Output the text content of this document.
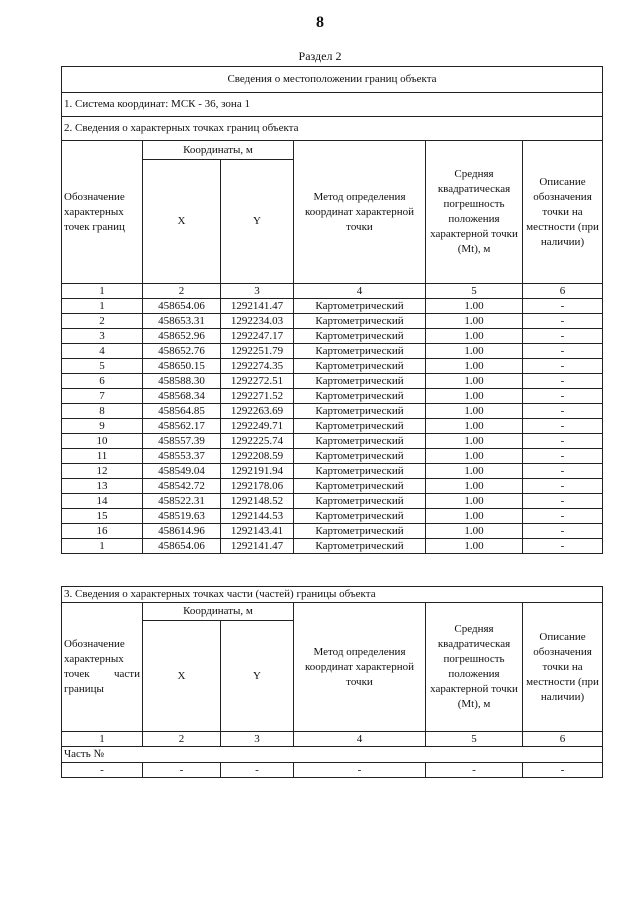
8
Раздел 2
Сведения о местоположении границ объекта					
1. Система координат: МСК - 36, зона 1					
2. Сведения о характерных точках границ объекта					
Обозначение характерных точек границ	Координаты, м		Метод определения координат характерной точки	Средняя квадратическая погрешность положения характерной точки (Mt), м	Описание обозначения точки на местности (при наличии)
	X	Y			
1	2	3	4	5	6
1	458654.06	1292141.47	Картометрический	1.00	-
2	458653.31	1292234.03	Картометрический	1.00	-
3	458652.96	1292247.17	Картометрический	1.00	-
4	458652.76	1292251.79	Картометрический	1.00	-
5	458650.15	1292274.35	Картометрический	1.00	-
6	458588.30	1292272.51	Картометрический	1.00	-
7	458568.34	1292271.52	Картометрический	1.00	-
8	458564.85	1292263.69	Картометрический	1.00	-
9	458562.17	1292249.71	Картометрический	1.00	-
10	458557.39	1292225.74	Картометрический	1.00	-
11	458553.37	1292208.59	Картометрический	1.00	-
12	458549.04	1292191.94	Картометрический	1.00	-
13	458542.72	1292178.06	Картометрический	1.00	-
14	458522.31	1292148.52	Картометрический	1.00	-
15	458519.63	1292144.53	Картометрический	1.00	-
16	458614.96	1292143.41	Картометрический	1.00	-
1	458654.06	1292141.47	Картометрический	1.00	-
3. Сведения о характерных точках части (частей) границы объекта					
Обозначение характерных точек части границы	Координаты, м		Метод определения координат характерной точки	Средняя квадратическая погрешность положения характерной точки (Mt), м	Описание обозначения точки на местности (при наличии)
	X	Y			
1	2	3	4	5	6
Часть №					
-	-	-	-	-	-
